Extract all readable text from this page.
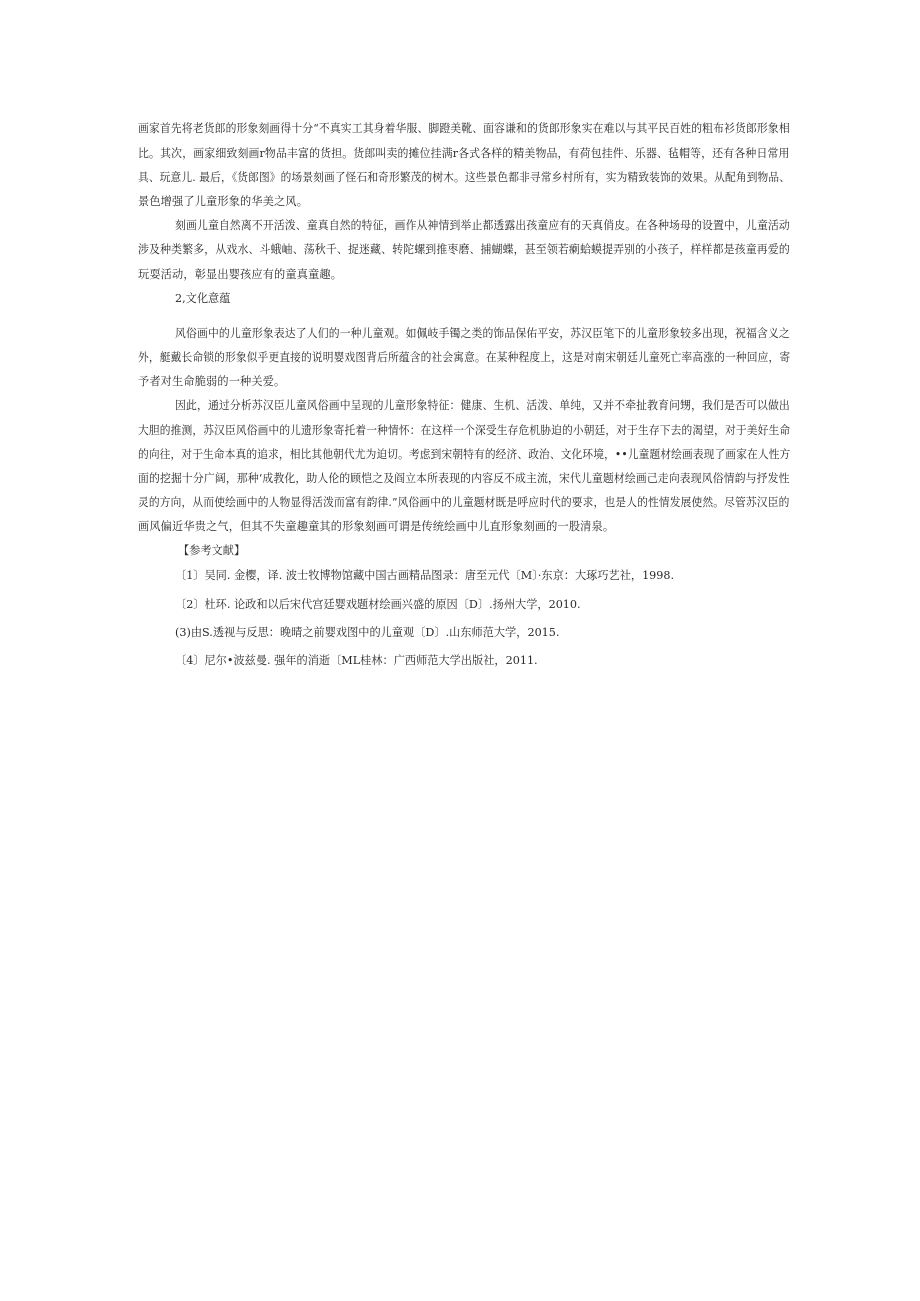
画家首先将老货郎的形象刻画得十分“不真实工其身着华服、脚蹬美靴、面容谦和的货郎形象实在难以与其平民百姓的粗布衫货郎形象相
比。其次，画家细致刻画r物品丰富的货担。货郎叫卖的摊位挂满r各式各样的精美物品，有荷包挂件、乐器、毡帽等，还有各种日常用
具、玩意儿. 最后，《货郎图》的场景刻画了怪石和奇形繁茂的树木。这些景色都非寻常乡村所有，实为精致装饰的效果。从配角到物品、
景色增强了儿童形象的华美之风。
刻画儿童自然离不开活泼、童真自然的特征，画作从神情到举止都透露出孩童应有的天真俏皮。在各种场母的设置中，儿童活动
涉及种类繁多，从戏水、斗蛾岫、荡秋千、捉迷藏、转陀螺到推枣磨、捕蝴蝶，甚至领若瘌蛤蟆提弄别的小孩子，样样都是孩童再爱的
玩耍活动，彰显出婴孩应有的童真童趣。
2,文化意蕴
风俗画中的儿童形象表达了人们的一种儿童观。如佩岐手镯之类的饰品保佑平安，苏汉臣笔下的儿童形象较多出现，祝福含义之
外，艇戴长命锁的形象似乎更直接的说明婴戏图背后所蕴含的社会寓意。在某种程度上，这是对南宋朝廷儿童死亡率高涨的一种回应，寄
予者对生命脆弱的一种关爱。
因此，通过分析苏汉臣儿童风俗画中呈现的儿童形象特征：健康、生机、活泼、单纯，又并不牵扯教育问甥，我们是否可以做出
大胆的推测，苏汉臣风俗画中的儿遗形象寄托着一种情怀：在这样一个深受生存危机胁迫的小朝廷，对于生存下去的渴望，对于美好生命
的向往，对于生命本真的追求，相比其他朝代尤为迫切。考虑到宋朝特有的经济、政治、文化环境，••儿童题材绘画表现了画家在人性方
面的挖掘十分广阔，那种‘成教化，助人伦的顾恺之及阎立本所表现的内容反不成主流，宋代儿童题材绘画己走向表现风俗情韵与抒发性
灵的方向，从而使绘画中的人物显得活泼而富有韵律.”风俗画中的儿童题材既是呼应时代的要求，也是人的性情发展使然。尽管苏汉臣的
画风偏近华贵之气，但其不失童趣童其的形象刻画可谓是传统绘画中儿直形象刻画的一股清泉。
【参考文献】
〔1〕吴同. 金樱，译. 波士牧博物馆藏中国古画精品图录：唐至元代〔M〕·东京：大琢巧艺社，1998.
〔2〕杜环. 论政和以后宋代宫廷婴戏题材绘画兴盛的原因〔D〕.扬州大学，2010.
(3)由S.透视与反思：晚晴之前婴戏图中的儿童观〔D〕.山东师范大学，2015.
〔4〕尼尔•波兹曼. 强年的消逝〔ML桂林：广西师范大学出版社，2011.
